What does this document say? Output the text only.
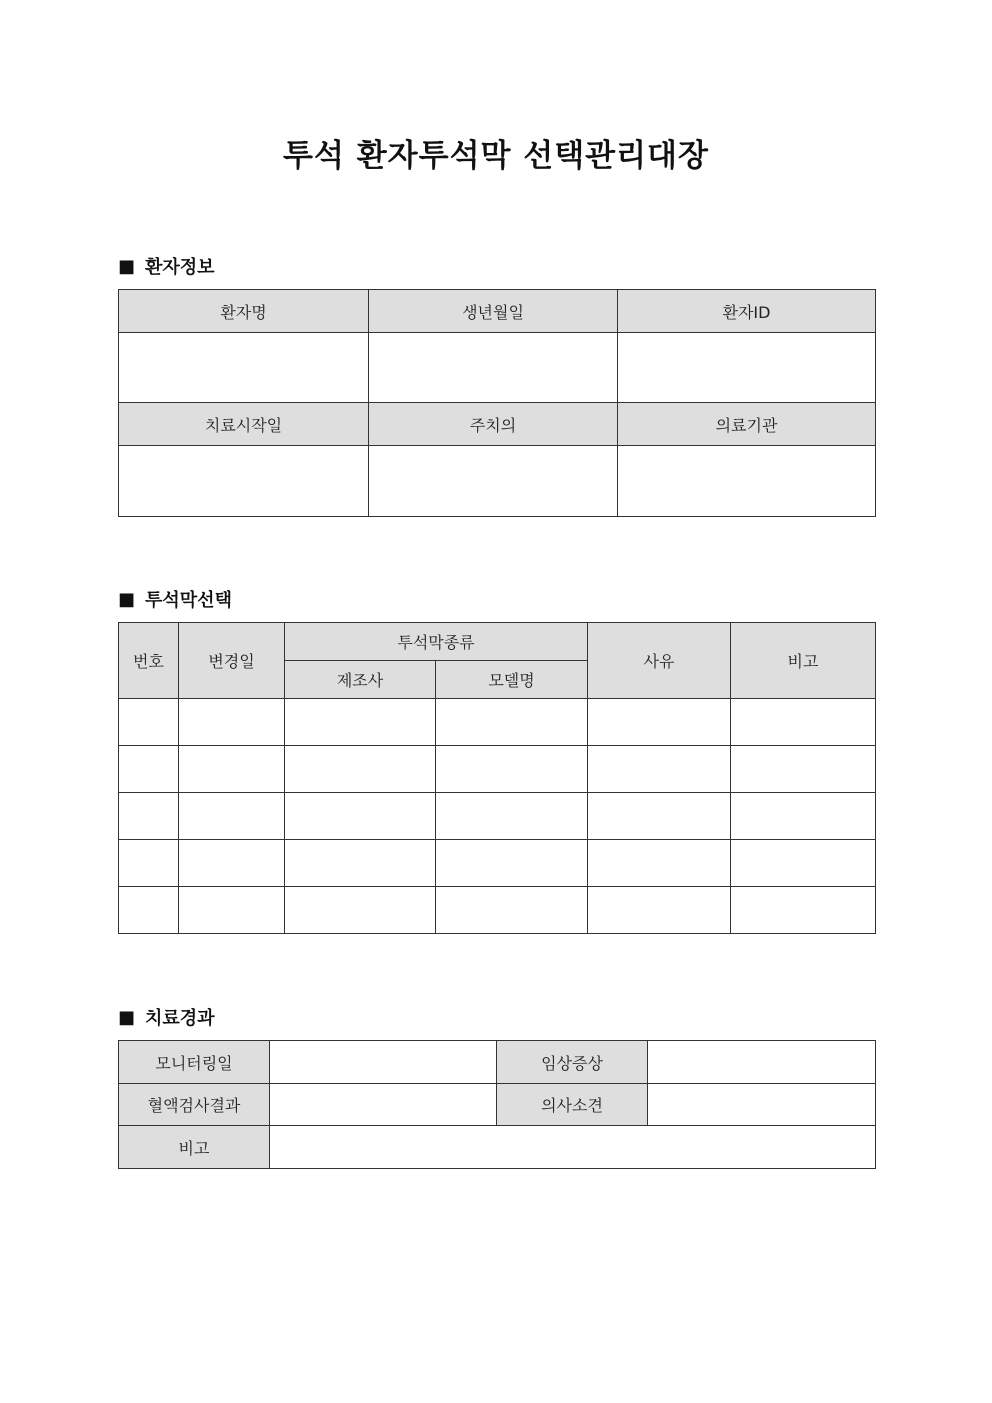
투석 환자투석막 선택관리대장
■ 환자정보
환자명	생년월일	환자ID

치료시작일	주치의	의료기관

■ 투석막선택
번호	변경일	투석막종류		사유	비고
		제조사	모델명		

■ 치료경과
모니터링일		임상증상	
혈액검사결과		의사소견	
비고			
